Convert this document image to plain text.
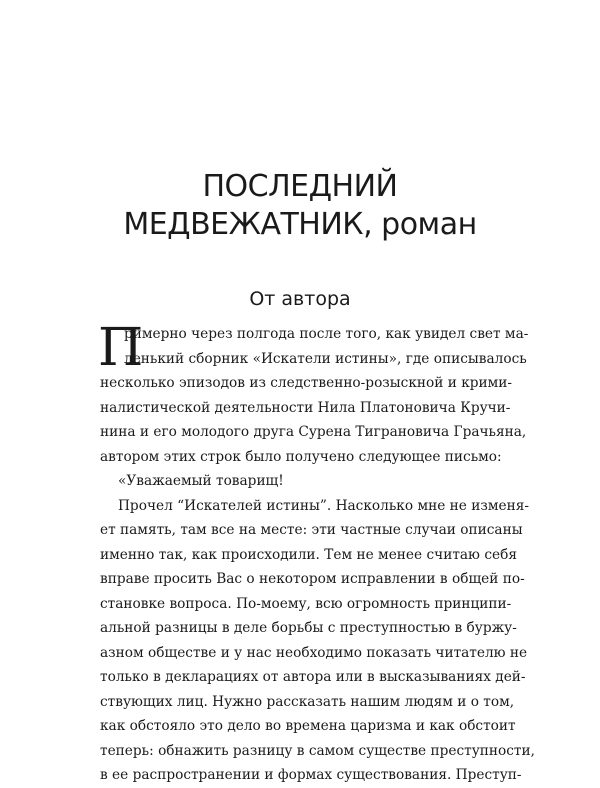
ПОСЛЕДНИЙ
МЕДВЕЖАТНИК, роман
От автора
П
римерно через полгода после того, как увидел свет ма-
ленький сборник «Искатели истины», где описывалось
несколько эпизодов из следственно-розыскной и крими-
налистической деятельности Нила Платоновича Кручи-
нина и его молодого друга Сурена Тиграновича Грачьяна,
автором этих строк было получено следующее письмо:
«Уважаемый товарищ!
Прочел “Искателей истины”. Насколько мне не изменя-
ет память, там все на месте: эти частные случаи описаны
именно так, как происходили. Тем не менее считаю себя
вправе просить Вас о некотором исправлении в общей по-
становке вопроса. По-моему, всю огромность принципи-
альной разницы в деле борьбы с преступностью в буржу-
азном обществе и у нас необходимо показать читателю не
только в декларациях от автора или в высказываниях дей-
ствующих лиц. Нужно рассказать нашим людям и о том,
как обстояло это дело во времена царизма и как обстоит
теперь: обнажить разницу в самом существе преступности,
в ее распространении и формах существования. Преступ-
